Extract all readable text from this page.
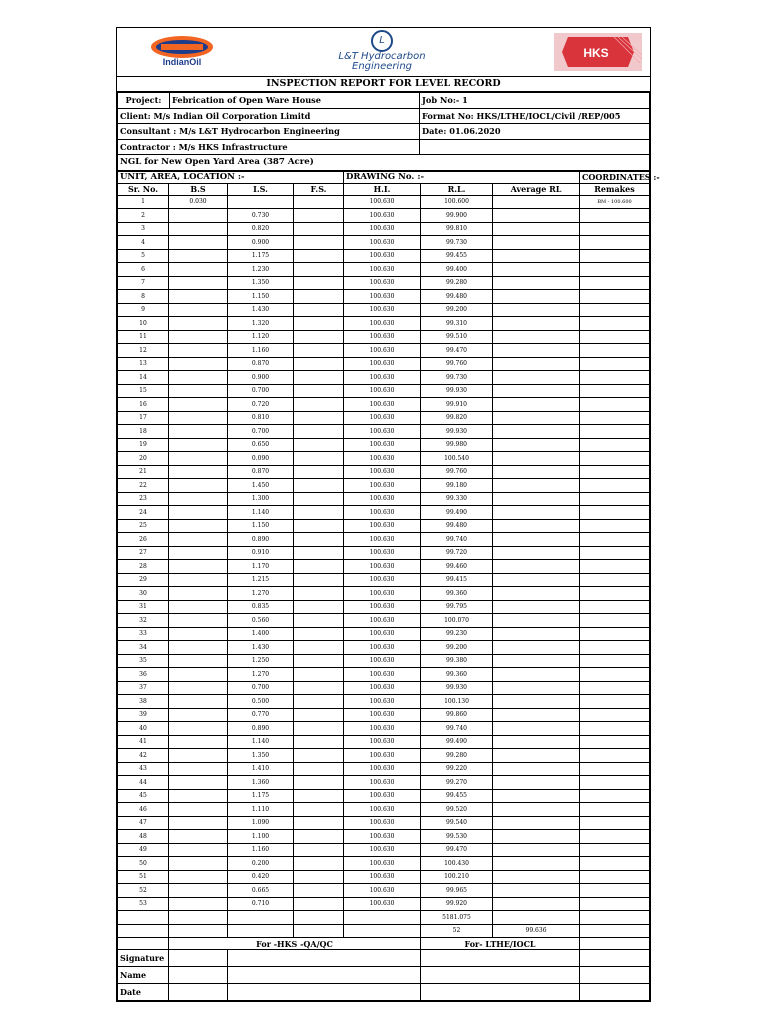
IndianOil
L
L&T Hydrocarbon
Engineering
HKS
INSPECTION REPORT FOR LEVEL RECORD
Project:	Febrication of Open Ware House	Job No:- 1
Client: M/s Indian Oil Corporation Limitd		Format No: HKS/LTHE/IOCL/Civil /REP/005

Consultant : M/s L&T Hydrocarbon Engineering		Date: 01.06.2020
Contractor : M/s HKS Infrastructure		
NGL for New Open Yard Area (387 Acre)		
UNIT, AREA, LOCATION :-				DRAWING No. :-			COORDINATES :-
Sr. No.	B.S	I.S.	F.S.	H.I.	R.L.	Average RL	Remakes
1	0.030			100.630	100.600		BM - 100.600
2		0.730		100.630	99.900		
3		0.820		100.630	99.810		
4		0.900		100.630	99.730		
5		1.175		100.630	99.455		
6		1.230		100.630	99.400		
7		1.350		100.630	99.280		
8		1.150		100.630	99.480		
9		1.430		100.630	99.200		
10		1.320		100.630	99.310		
11		1.120		100.630	99.510		
12		1.160		100.630	99.470		
13		0.870		100.630	99.760		
14		0.900		100.630	99.730		
15		0.700		100.630	99.930		
16		0.720		100.630	99.910		
17		0.810		100.630	99.820		
18		0.700		100.630	99.930		
19		0.650		100.630	99.980		
20		0.090		100.630	100.540		
21		0.870		100.630	99.760		
22		1.450		100.630	99.180		
23		1.300		100.630	99.330		
24		1.140		100.630	99.490		
25		1.150		100.630	99.480		
26		0.890		100.630	99.740		
27		0.910		100.630	99.720		
28		1.170		100.630	99.460		
29		1.215		100.630	99.415		
30		1.270		100.630	99.360		
31		0.835		100.630	99.795		
32		0.560		100.630	100.070		
33		1.400		100.630	99.230		
34		1.430		100.630	99.200		
35		1.250		100.630	99.380		
36		1.270		100.630	99.360		
37		0.700		100.630	99.930		
38		0.500		100.630	100.130		
39		0.770		100.630	99.860		
40		0.890		100.630	99.740		
41		1.140		100.630	99.490		
42		1.350		100.630	99.280		
43		1.410		100.630	99.220		
44		1.360		100.630	99.270		
45		1.175		100.630	99.455		
46		1.110		100.630	99.520		
47		1.090		100.630	99.540		
48		1.100		100.630	99.530		
49		1.160		100.630	99.470		
50		0.200		100.630	100.430		
51		0.420		100.630	100.210		
52		0.665		100.630	99.965		
53		0.710		100.630	99.920		
					5181.075		
					52	99.636	
	For -HKS -QA/QC				For- LTHE/IOCL		
Signature							
Name							
Date							
